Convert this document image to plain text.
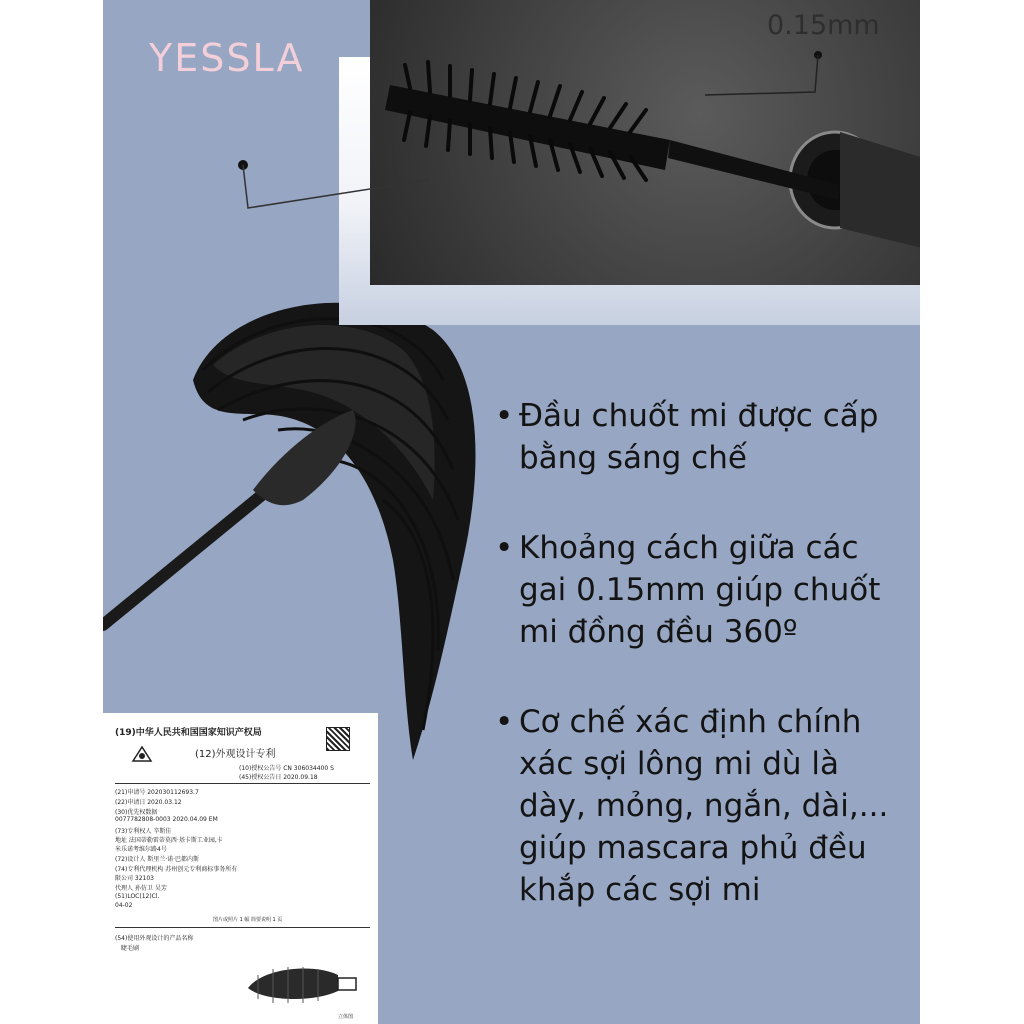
YESSLA
0.15mm
• Đầu chuốt mi được cấp
bằng sáng chế
• Khoảng cách giữa các
gai 0.15mm giúp chuốt
mi đồng đều 360º
• Cơ chế xác định chính
xác sợi lông mi dù là
dày, mỏng, ngắn, dài,...
giúp mascara phủ đều
khắp các sợi mi
(19)中华人民共和国国家知识产权局
(12)外观设计专利
(10)授权公告号 CN 306034400 S
(45)授权公告日 2020.09.18
(21)申请号 202030112693.7
(22)申请日 2020.03.12
(30)优先权数据
0077782808-0003 2020.04.09 EM
(73)专利权人 辛斯佳
地址 法国蒂勒雷蒂莫西·基卡斯工业园,卡
米乐诺考维尔路4号
(72)设计人 斯里兰·诺·巴都内斯
(74)专利代理机构 苏州创元专利商标事务所有
限公司 32103
代理人 孙仿卫 吴芳
(51)LOC(12)Cl.
04-02
图片或照片 1 幅 简要说明 1 页
(54)使用外观设计的产品名称
睫毛刷
立体图
